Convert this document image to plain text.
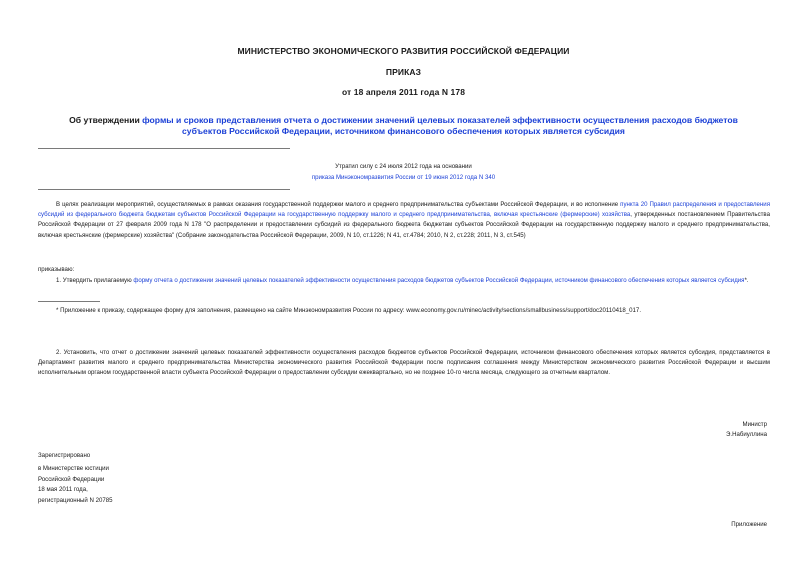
МИНИСТЕРСТВО ЭКОНОМИЧЕСКОГО РАЗВИТИЯ РОССИЙСКОЙ ФЕДЕРАЦИИ
ПРИКАЗ
от 18 апреля 2011 года N 178
Об утверждении формы и сроков представления отчета о достижении значений целевых показателей эффективности осуществления расходов бюджетов субъектов Российской Федерации, источником финансового обеспечения которых является субсидия
Утратил силу с 24 июля 2012 года на основании
приказа Минэкономразвития России от 19 июня 2012 года N 340
В целях реализации мероприятий, осуществляемых в рамках оказания государственной поддержки малого и среднего предпринимательства субъектами Российской Федерации, и во исполнение пункта 20 Правил распределения и предоставления субсидий из федерального бюджета бюджетам субъектов Российской Федерации на государственную поддержку малого и среднего предпринимательства, включая крестьянские (фермерские) хозяйства, утвержденных постановлением Правительства Российской Федерации от 27 февраля 2009 года N 178 "О распределении и предоставлении субсидий из федерального бюджета бюджетам субъектов Российской Федерации на государственную поддержку малого и среднего предпринимательства, включая крестьянские (фермерские) хозяйства" (Собрание законодательства Российской Федерации, 2009, N 10, ст.1226; N 41, ст.4784; 2010, N 2, ст.228; 2011, N 3, ст.545)
приказываю:
1. Утвердить прилагаемую форму отчета о достижении значений целевых показателей эффективности осуществления расходов бюджетов субъектов Российской Федерации, источником финансового обеспечения которых является субсидия*.
* Приложение к приказу, содержащее форму для заполнения, размещено на сайте Минэкономразвития России по адресу: www.economy.gov.ru/minec/activity/sections/smallbusiness/support/doc20110418_017.
2. Установить, что отчет о достижении значений целевых показателей эффективности осуществления расходов бюджетов субъектов Российской Федерации, источником финансового обеспечения которых является субсидия, представляется в Департамент развития малого и среднего предпринимательства Министерства экономического развития Российской Федерации после подписания соглашения между Министерством экономического развития Российской Федерации и высшим исполнительным органом государственной власти субъекта Российской Федерации о предоставлении субсидии ежеквартально, но не позднее 10-го числа месяца, следующего за отчетным кварталом.
Министр
Э.Набиуллина
Зарегистрировано
в Министерстве юстиции
Российской Федерации
18 мая 2011 года,
регистрационный N 20785
Приложение
